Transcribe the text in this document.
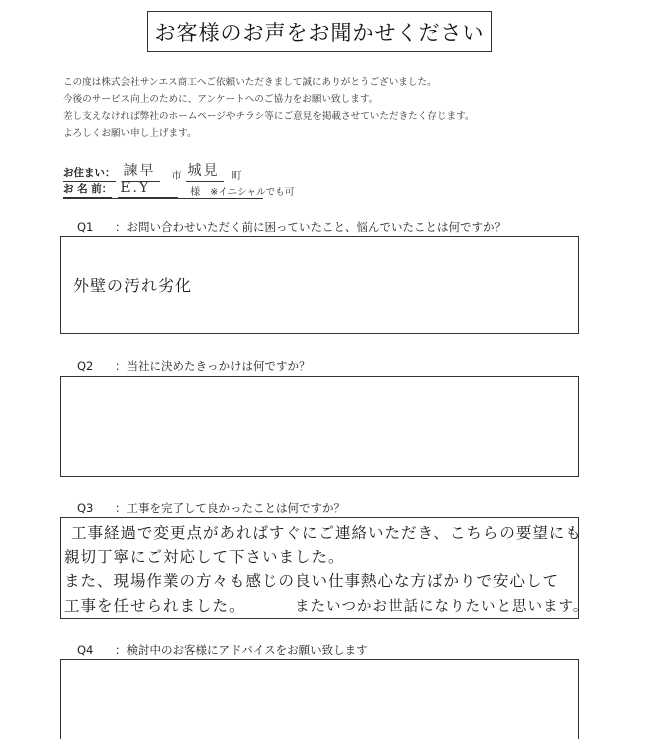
お客様のお声をお聞かせください
この度は株式会社サンエス商工へご依頼いただきまして誠にありがとうございました。
今後のサービス向上のために、アンケートへのご協力をお願い致します。
差し支えなければ弊社のホームページやチラシ等にご意見を掲載させていただきたく存じます。
よろしくお願い申し上げます。
お住まい： 諫早	市 城見	町
お 名 前： E.Y	様 ※イニシャルでも可
Q1 ：お問い合わせいただく前に困っていたこと、悩んでいたことは何ですか？
外壁の汚れ劣化
Q2 ：当社に決めたきっかけは何ですか？
Q3 ：工事を完了して良かったことは何ですか？
工事経過で変更点があればすぐにご連絡いただき、こちらの要望にも
親切丁寧にご対応して下さいました。
また、現場作業の方々も感じの良い仕事熱心な方ばかりで安心して
工事を任せられました。	またいつかお世話になりたいと思います。
Q4 ：検討中のお客様にアドバイスをお願い致します
